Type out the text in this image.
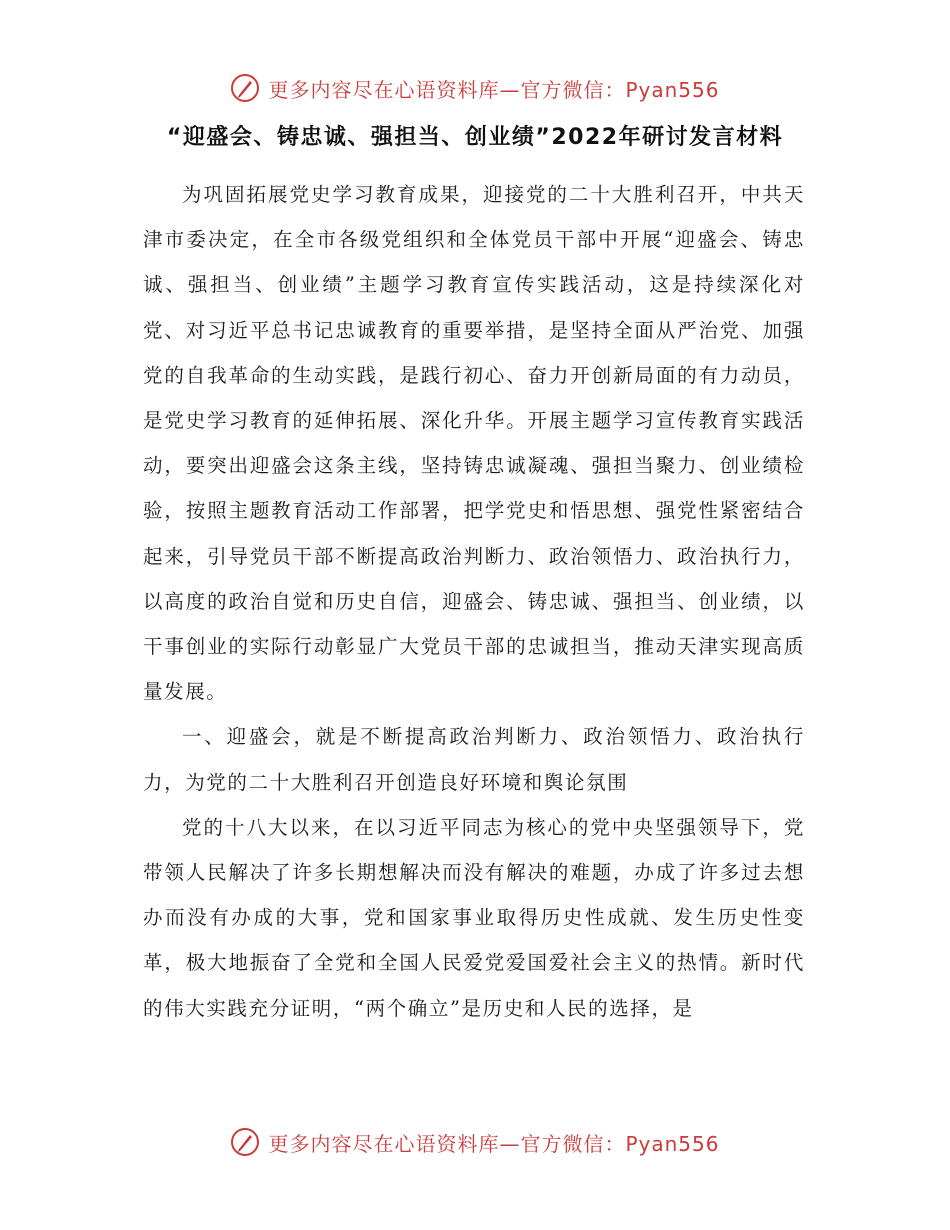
更多内容尽在心语资料库—官方微信：Pyan556
“迎盛会、铸忠诚、强担当、创业绩”2022年研讨发言材料

为巩固拓展党史学习教育成果，迎接党的二十大胜利召开，中共天津市委决定，在全市各级党组织和全体党员干部中开展“迎盛会、铸忠诚、强担当、创业绩”主题学习教育宣传实践活动，这是持续深化对党、对习近平总书记忠诚教育的重要举措，是坚持全面从严治党、加强党的自我革命的生动实践，是践行初心、奋力开创新局面的有力动员，是党史学习教育的延伸拓展、深化升华。开展主题学习宣传教育实践活动，要突出迎盛会这条主线，坚持铸忠诚凝魂、强担当聚力、创业绩检验，按照主题教育活动工作部署，把学党史和悟思想、强党性紧密结合起来，引导党员干部不断提高政治判断力、政治领悟力、政治执行力，以高度的政治自觉和历史自信，迎盛会、铸忠诚、强担当、创业绩，以干事创业的实际行动彰显广大党员干部的忠诚担当，推动天津实现高质量发展。

一、迎盛会，就是不断提高政治判断力、政治领悟力、政治执行力，为党的二十大胜利召开创造良好环境和舆论氛围

党的十八大以来，在以习近平同志为核心的党中央坚强领导下，党带领人民解决了许多长期想解决而没有解决的难题，办成了许多过去想办而没有办成的大事，党和国家事业取得历史性成就、发生历史性变革，极大地振奋了全党和全国人民爱党爱国爱社会主义的热情。新时代的伟大实践充分证明，“两个确立”是历史和人民的选择，是

更多内容尽在心语资料库—官方微信：Pyan556
